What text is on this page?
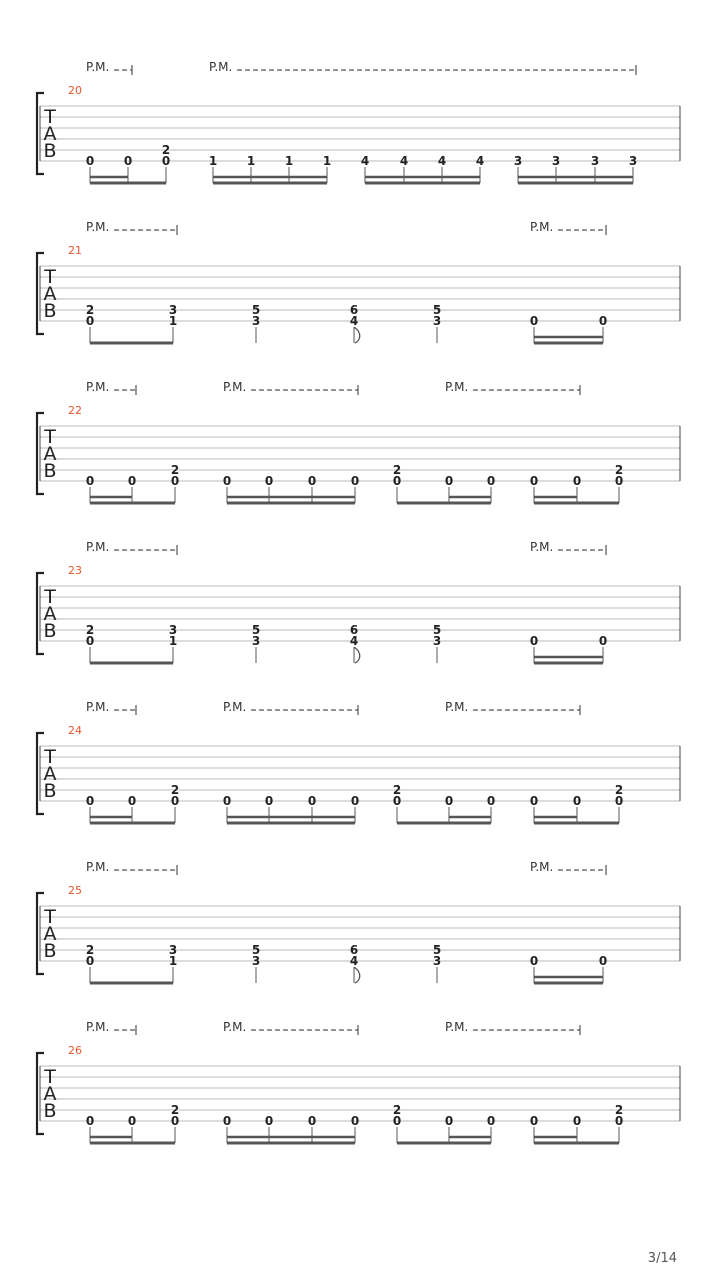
T
A
B
20
P.M.	P.M.
0 0
2
0	1 1 1 1 4	4 4 4 3 3	3 3
T
A
B
21
P.M.	P.M.
2
0
3
1
5
3
6
4
5
3	0	0
T
A
B
22
P.M.	P.M.	P.M.
0	0
2
0	0	0	0	0
2
0	0	0	0	0
2
0
T
A
B
23
P.M.	P.M.
2
0
3
1
5
3
6
4
5
3	0	0
T
A
B
24
P.M.	P.M.	P.M.
0	0
2
0	0	0	0	0
2
0	0	0	0	0
2
0
T
A
B
25
P.M.	P.M.
2
0
3
1
5
3
6
4
5
3	0	0
T
A
B
26
P.M.	P.M.	P.M.
0	0
2
0	0	0	0	0
2
0	0	0	0	0
2
0
3/14
